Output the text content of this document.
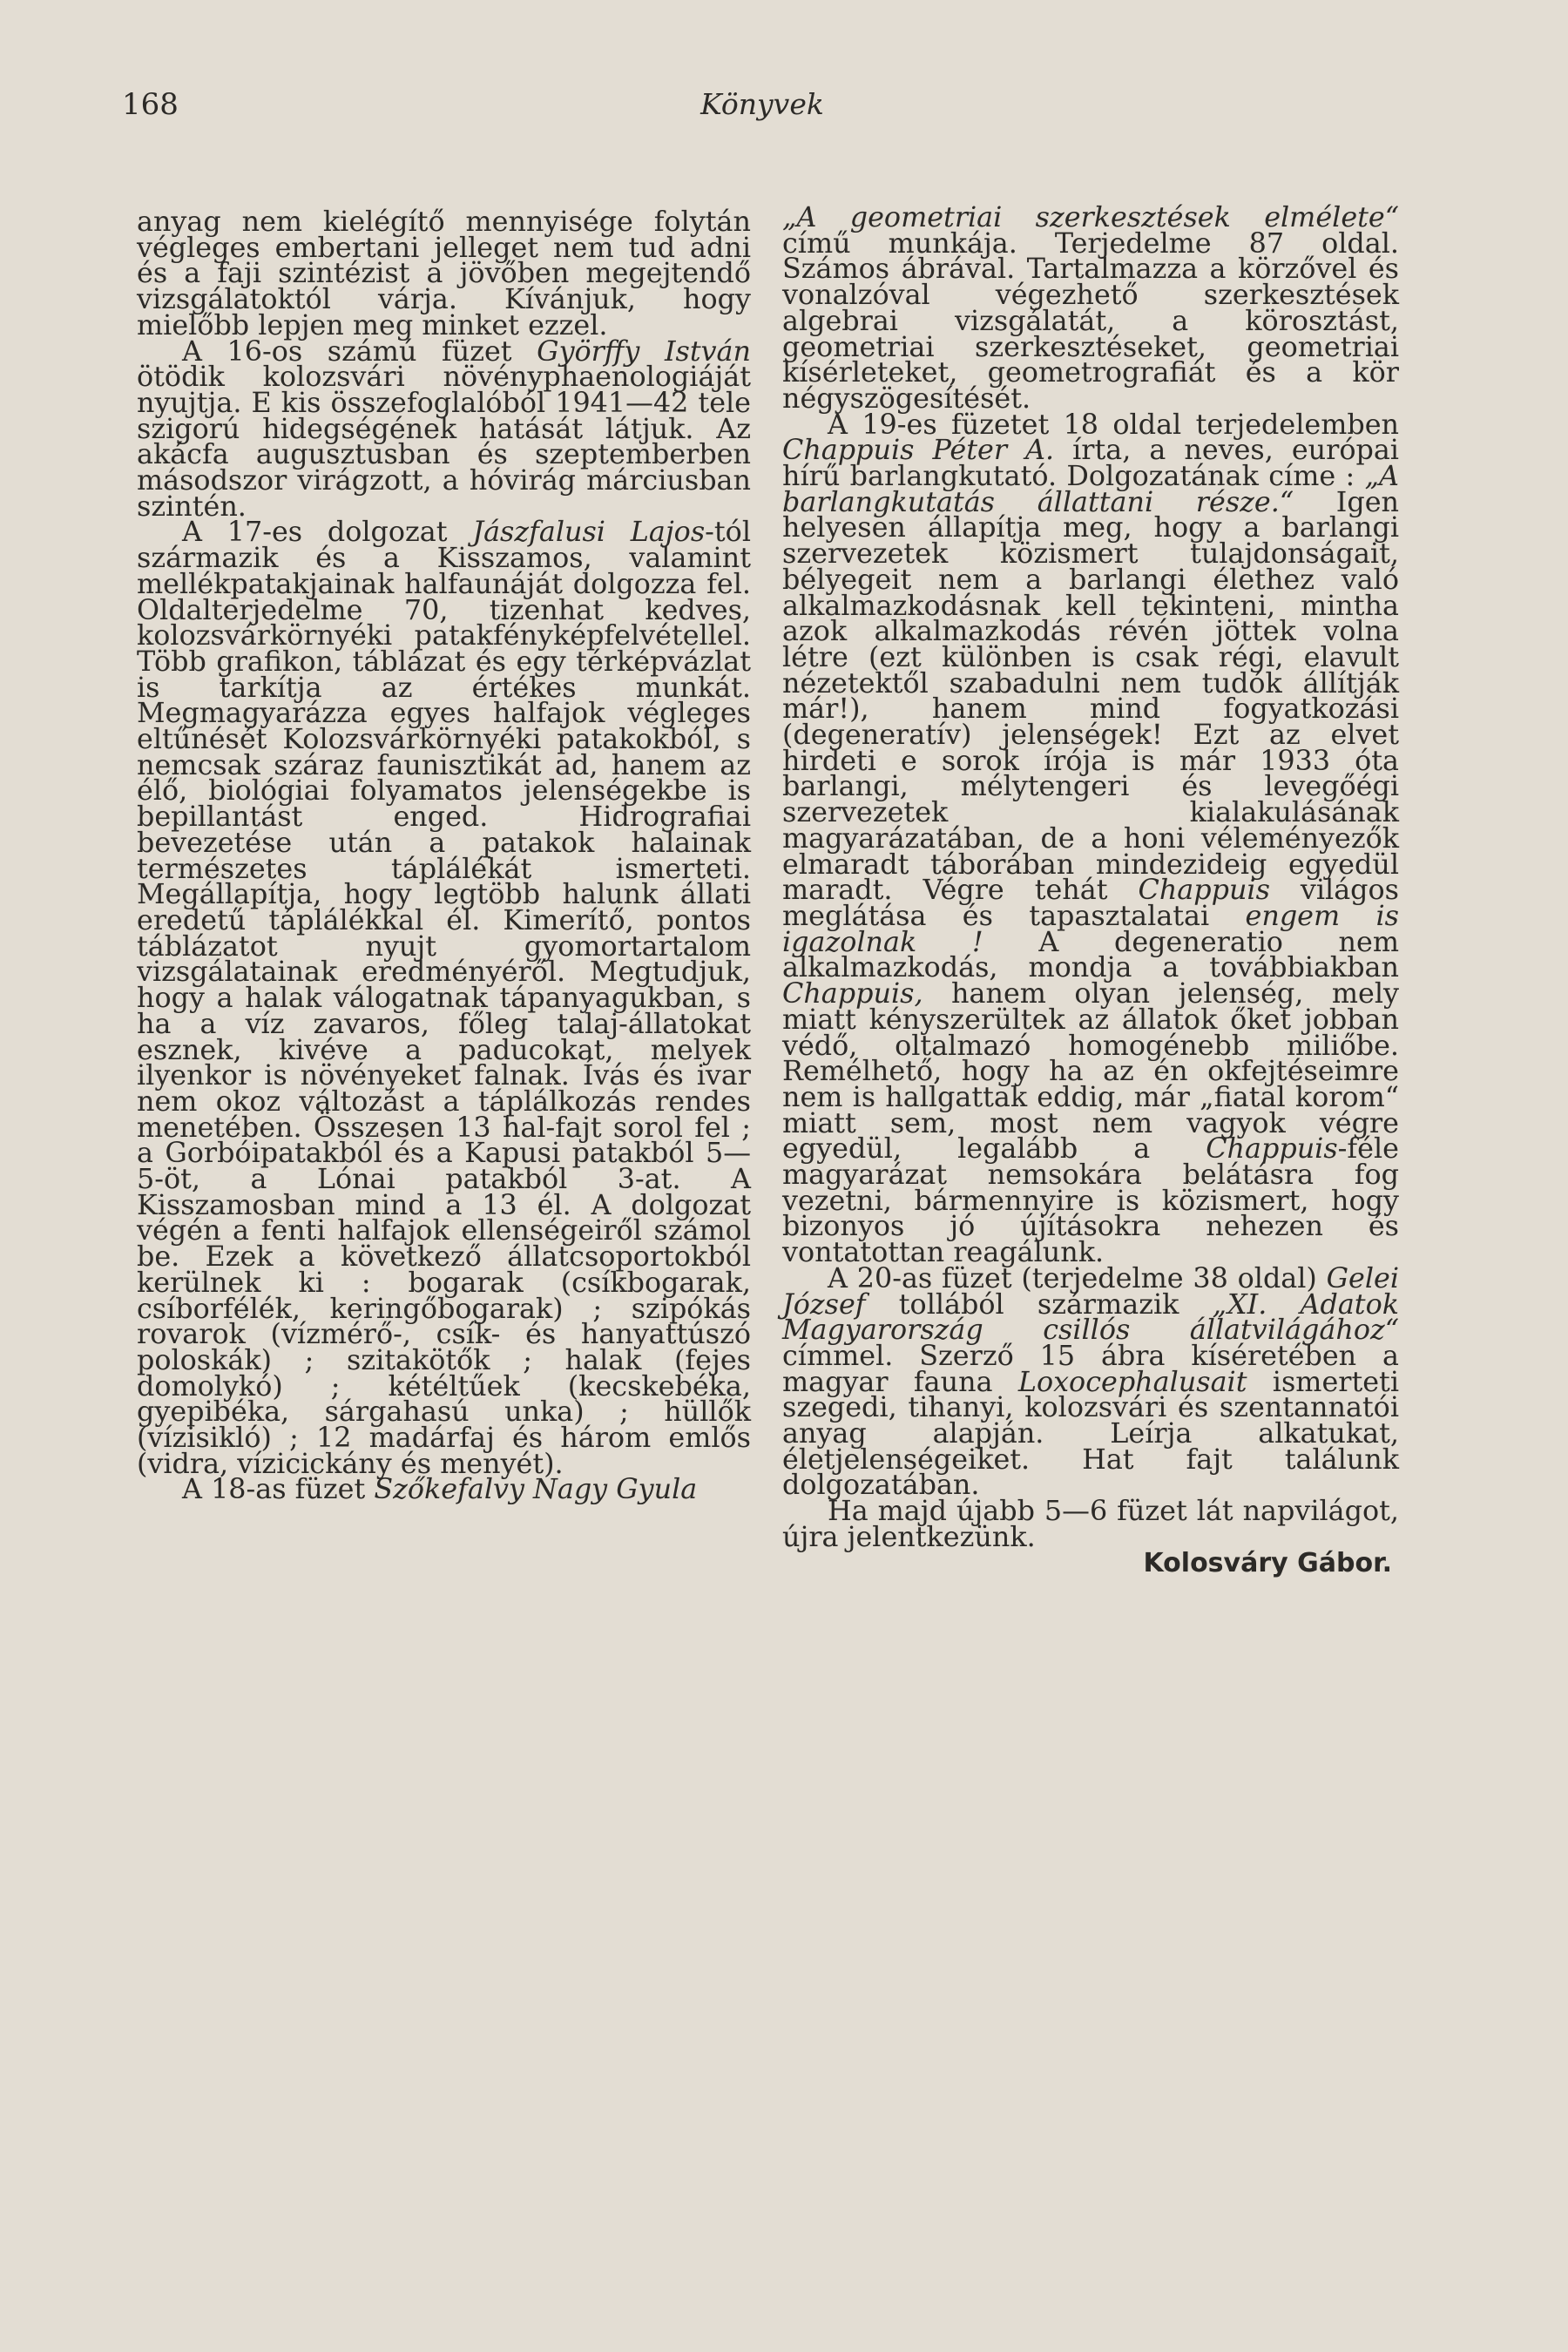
168	Könyvek

anyag nem kielégítő mennyisége folytán végleges embertani jelleget nem tud adni és a faji szintézist a jövőben megejtendő vizsgálatoktól várja. Kívánjuk, hogy mielőbb lepjen meg minket ezzel.

A 16-os számú füzet Györffy István ötödik kolozsvári növényphaenologiáját nyujtja. E kis összefoglalóból 1941—42 tele szigorú hidegségének hatását látjuk. Az akácfa augusztusban és szeptemberben másodszor virágzott, a hóvirág márciusban szintén.

A 17-es dolgozat Jászfalusi Lajos-tól származik és a Kisszamos, valamint mellékpatakjainak halfaunáját dolgozza fel. Oldalterjedelme 70, tizenhat kedves, kolozsvárkörnyéki patakfényképfelvétellel. Több grafikon, táblázat és egy térképvázlat is tarkítja az értékes munkát. Megmagyarázza egyes halfajok végleges eltűnését Kolozsvárkörnyéki patakokból, s nemcsak száraz faunisztikát ad, hanem az élő, biológiai folyamatos jelenségekbe is bepillantást enged. Hidrografiai bevezetése után a patakok halainak természetes táplálékát ismerteti. Megállapítja, hogy legtöbb halunk állati eredetű táplálékkal él. Kimerítő, pontos táblázatot nyujt gyomortartalom vizsgálatainak eredményéről. Megtudjuk, hogy a halak válogatnak tápanyagukban, s ha a víz zavaros, főleg talaj-állatokat esznek, kivéve a paducokat, melyek ilyenkor is növényeket falnak. Ívás és ivar nem okoz változást a táplálkozás rendes menetében. Összesen 13 hal-fajt sorol fel ; a Gorbóipatakból és a Kapusi patakból 5—5-öt, a Lónai patakból 3-at. A Kisszamosban mind a 13 él. A dolgozat végén a fenti halfajok ellenségeiről számol be. Ezek a következő állatcsoportokból kerülnek ki : bogarak (csíkbogarak, csíborfélék, keringőbogarak) ; szipókás rovarok (vízmérő-, csík- és hanyattúszó poloskák) ; szitakötők ; halak (fejes domolykó) ; kétéltűek (kecskebéka, gyepibéka, sárgahasú unka) ; hüllők (vízisikló) ; 12 madárfaj és három emlős (vidra, vízicickány és menyét).

A 18-as füzet Szőkefalvy Nagy Gyula

„A geometriai szerkesztések elmélete“ című munkája. Terjedelme 87 oldal. Számos ábrával. Tartalmazza a körzővel és vonalzóval végezhető szerkesztések algebrai vizsgálatát, a körosztást, geometriai szerkesztéseket, geometriai kísérleteket, geometrografiát és a kör négyszögesítését.

A 19-es füzetet 18 oldal terjedelemben Chappuis Péter A. írta, a neves, európai hírű barlangkutató. Dolgozatának címe : „A barlangkutatás állattani része.“ Igen helyesen állapítja meg, hogy a barlangi szervezetek közismert tulajdonságait, bélyegeit nem a barlangi élethez való alkalmazkodásnak kell tekinteni, mintha azok alkalmazkodás révén jöttek volna létre (ezt különben is csak régi, elavult nézetektől szabadulni nem tudók állítják már!), hanem mind fogyatkozási (degeneratív) jelenségek! Ezt az elvet hirdeti e sorok írója is már 1933 óta barlangi, mélytengeri és levegőégi szervezetek kialakulásának magyarázatában, de a honi véleményezők elmaradt táborában mindezideig egyedül maradt. Végre tehát Chappuis világos meglátása és tapasztalatai engem is igazolnak ! A degeneratio nem alkalmazkodás, mondja a továbbiakban Chappuis, hanem olyan jelenség, mely miatt kényszerültek az állatok őket jobban védő, oltalmazó homogénebb miliőbe. Remélhető, hogy ha az én okfejtéseimre nem is hallgattak eddig, már „fiatal korom“ miatt sem, most nem vagyok végre egyedül, legalább a Chappuis-féle magyarázat nemsokára belátásra fog vezetni, bármennyire is közismert, hogy bizonyos jó újításokra nehezen és vontatottan reagálunk.

A 20-as füzet (terjedelme 38 oldal) Gelei József tollából származik „XI. Adatok Magyarország csillós állatvilágához“ címmel. Szerző 15 ábra kíséretében a magyar fauna Loxocephalusait ismerteti szegedi, tihanyi, kolozsvári és szentannatói anyag alapján. Leírja alkatukat, életjelenségeiket. Hat fajt találunk dolgozatában.

Ha majd újabb 5—6 füzet lát napvilágot, újra jelentkezünk.

Kolosváry Gábor.
